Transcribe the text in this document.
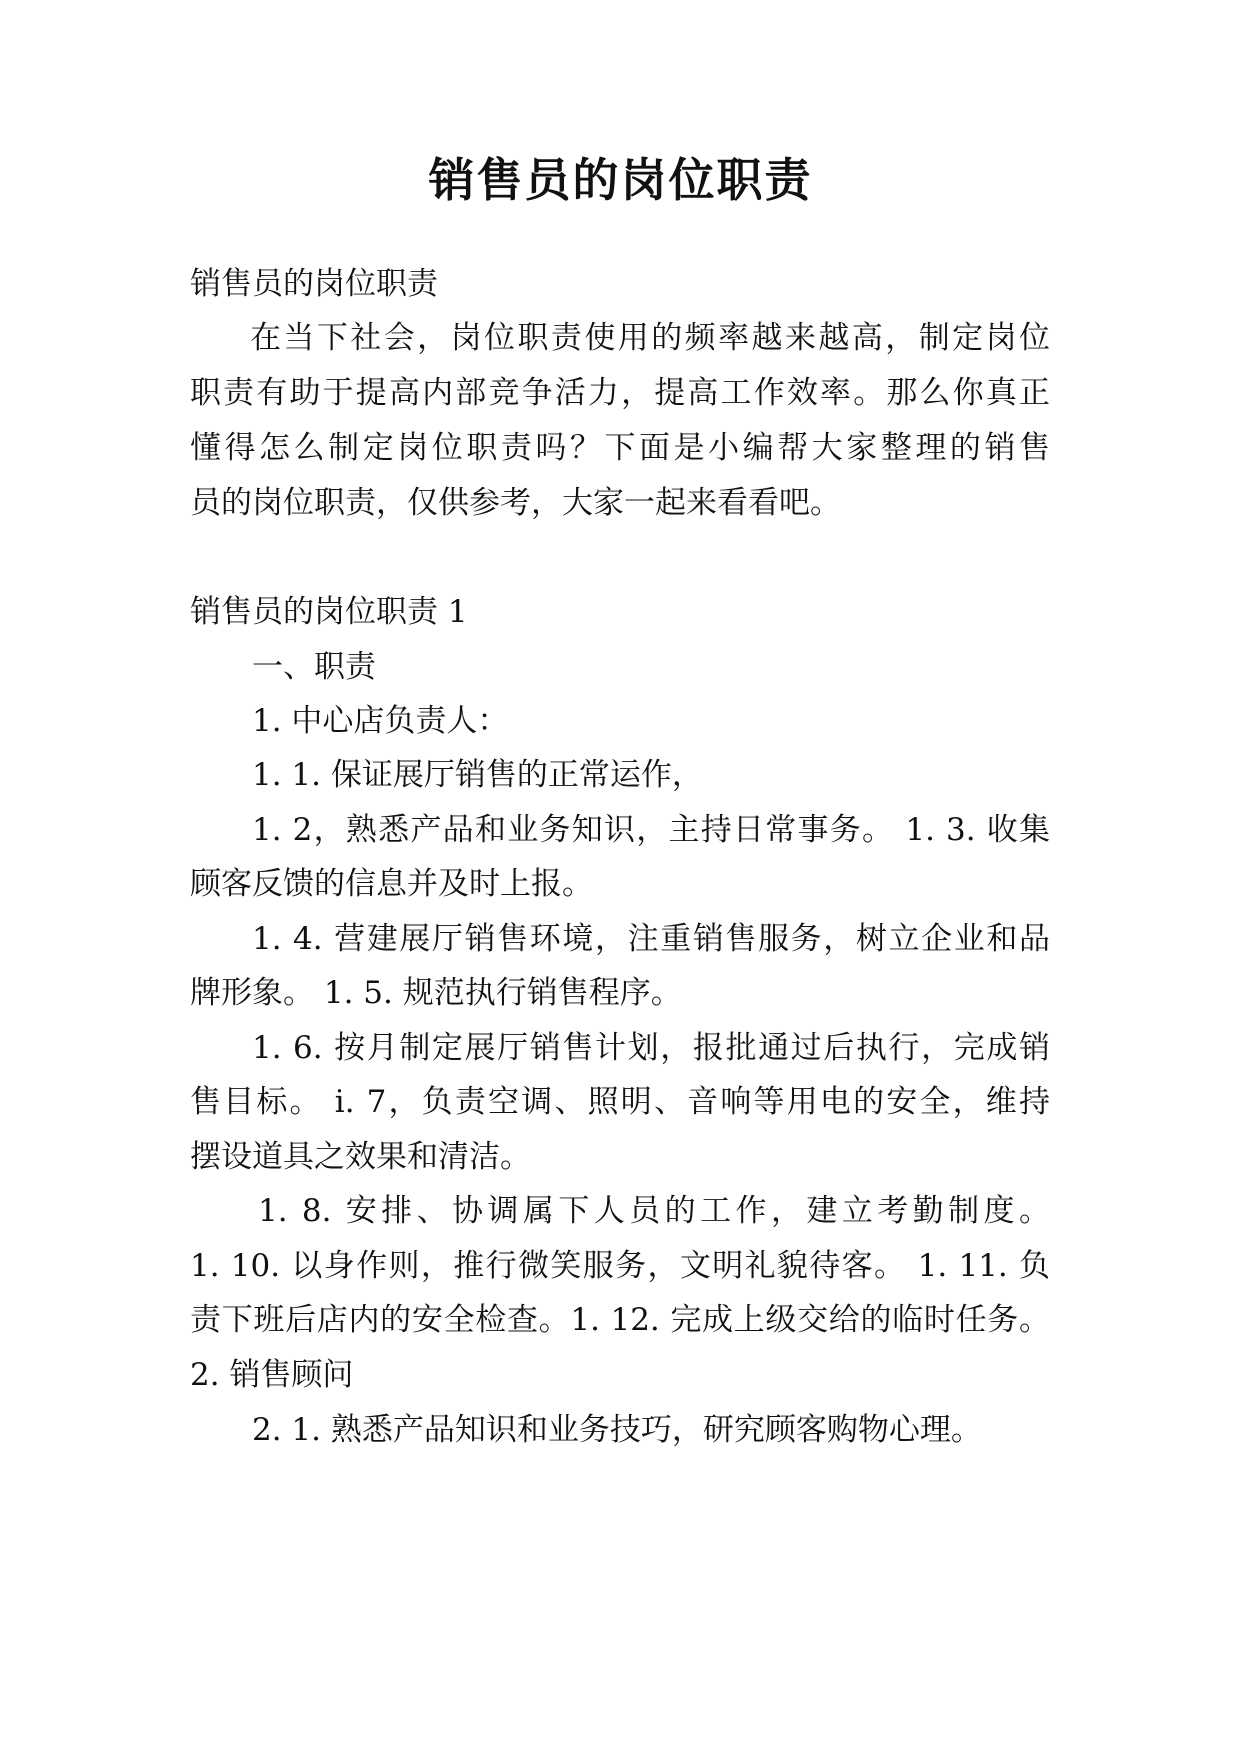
销售员的岗位职责
销售员的岗位职责
在当下社会，岗位职责使用的频率越来越高，制定岗位
职责有助于提高内部竞争活力，提高工作效率。那么你真正
懂得怎么制定岗位职责吗？下面是小编帮大家整理的销售
员的岗位职责，仅供参考，大家一起来看看吧。
销售员的岗位职责 1
一、职责
1. 中心店负责人：
1. 1. 保证展厅销售的正常运作，
1. 2，熟悉产品和业务知识，主持日常事务。 1. 3. 收集
顾客反馈的信息并及时上报。
1. 4. 营建展厅销售环境，注重销售服务，树立企业和品
牌形象。 1. 5. 规范执行销售程序。
1. 6. 按月制定展厅销售计划，报批通过后执行，完成销
售目标。 i. 7，负责空调、照明、音响等用电的安全，维持
摆设道具之效果和清洁。
1. 8. 安排、协调属下人员的工作，建立考勤制度。
1. 10. 以身作则，推行微笑服务，文明礼貌待客。 1. 11. 负
责下班后店内的安全检查。1. 12. 完成上级交给的临时任务。
2. 销售顾问
2. 1. 熟悉产品知识和业务技巧，研究顾客购物心理。
